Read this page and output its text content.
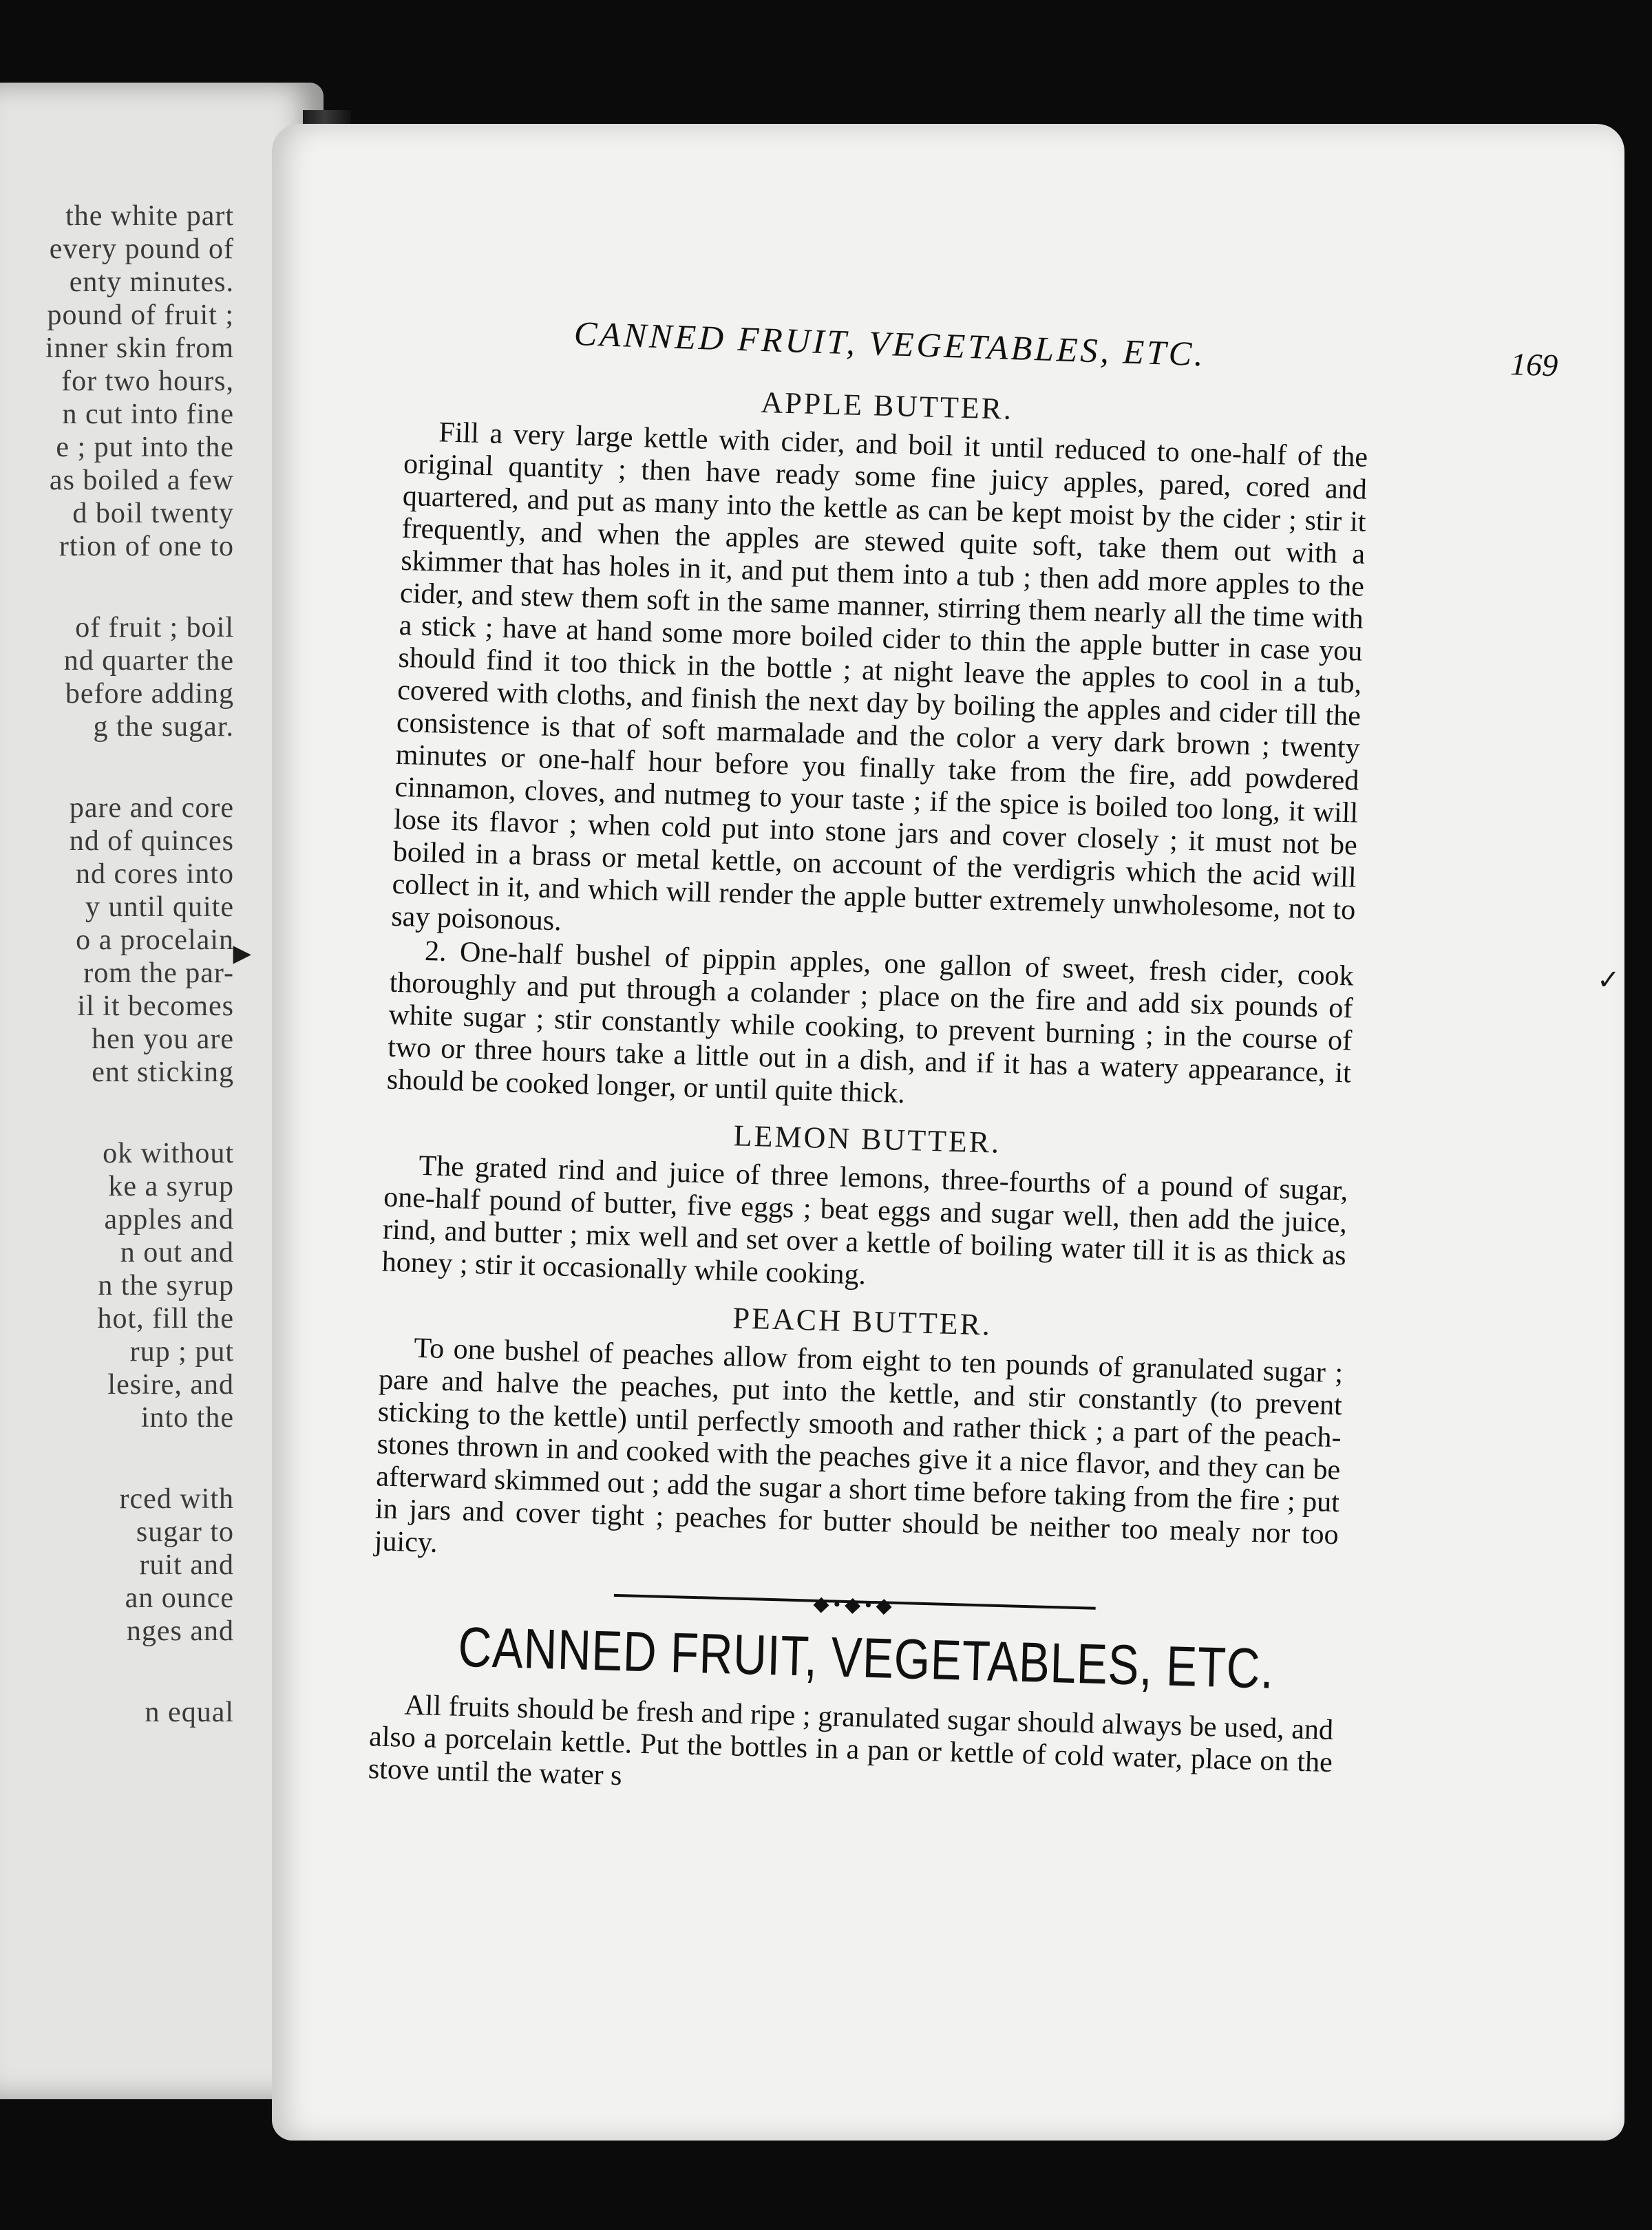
the white part
every pound of
enty minutes.
pound of fruit ;
inner skin from
for two hours,
n cut into fine
e ; put into the
as boiled a few
d boil twenty
rtion of one to
of fruit ; boil
nd quarter the
before adding
g the sugar.
pare and core
nd of quinces
nd cores into
y until quite
o a procelain
rom the par-
il it becomes
hen you are
ent sticking
ok without
ke a syrup
apples and
n out and
n the syrup
hot, fill the
rup ; put
lesire, and
into the
rced with
sugar to
ruit and
an ounce
nges and
n equal
CANNED FRUIT, VEGETABLES, ETC.	169
APPLE BUTTER.

Fill a very large kettle with cider, and boil it until reduced to one-half of the original quantity ; then have ready some fine juicy apples, pared, cored and quartered, and put as many into the kettle as can be kept moist by the cider ; stir it frequently, and when the apples are stewed quite soft, take them out with a skimmer that has holes in it, and put them into a tub ; then add more apples to the cider, and stew them soft in the same manner, stirring them nearly all the time with a stick ; have at hand some more boiled cider to thin the apple butter in case you should find it too thick in the bottle ; at night leave the apples to cool in a tub, covered with cloths, and finish the next day by boiling the apples and cider till the consistence is that of soft marmalade and the color a very dark brown ; twenty minutes or one-half hour before you finally take from the fire, add powdered cinnamon, cloves, and nutmeg to your taste ; if the spice is boiled too long, it will lose its flavor ; when cold put into stone jars and cover closely ; it must not be boiled in a brass or metal kettle, on account of the verdigris which the acid will collect in it, and which will render the apple butter extremely unwholesome, not to say poisonous.

2. One-half bushel of pippin apples, one gallon of sweet, fresh cider, cook thoroughly and put through a colander ; place on the fire and add six pounds of white sugar ; stir constantly while cooking, to prevent burning ; in the course of two or three hours take a little out in a dish, and if it has a watery appearance, it should be cooked longer, or until quite thick.

LEMON BUTTER.

The grated rind and juice of three lemons, three-fourths of a pound of sugar, one-half pound of butter, five eggs ; beat eggs and sugar well, then add the juice, rind, and butter ; mix well and set over a kettle of boiling water till it is as thick as honey ; stir it occasionally while cooking.

PEACH BUTTER.

To one bushel of peaches allow from eight to ten pounds of granulated sugar ; pare and halve the peaches, put into the kettle, and stir constantly (to prevent sticking to the kettle) until perfectly smooth and rather thick ; a part of the peach-stones thrown in and cooked with the peaches give it a nice flavor, and they can be afterward skimmed out ; add the sugar a short time before taking from the fire ; put in jars and cover tight ; peaches for butter should be neither too mealy nor too juicy.

◆•◆•◆
CANNED FRUIT, VEGETABLES, ETC.

All fruits should be fresh and ripe ; granulated sugar should always be used, and also a porcelain kettle. Put the bottles in a pan or kettle of cold water, place on the stove until the water s

►
✓
